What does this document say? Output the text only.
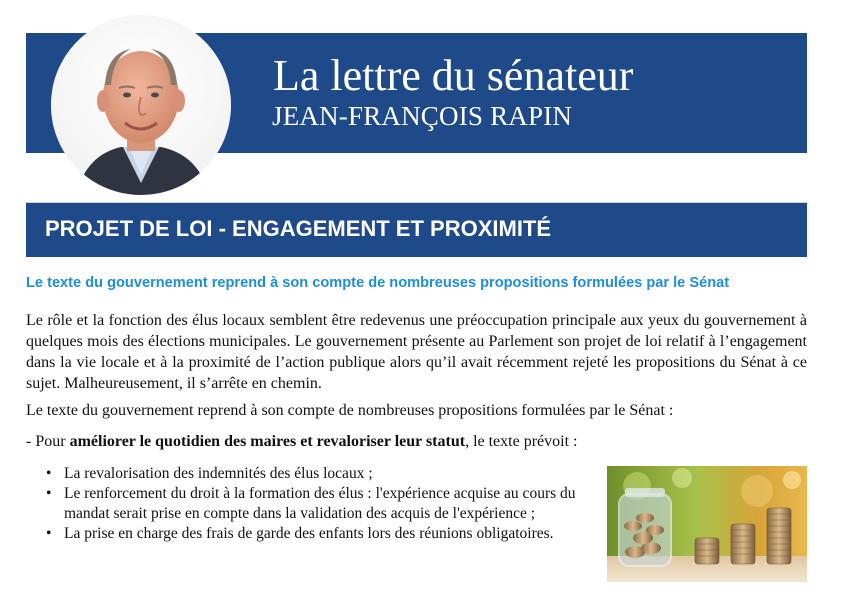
La lettre du sénateur
JEAN-FRANÇOIS RAPIN
PROJET DE LOI - ENGAGEMENT ET PROXIMITÉ
Le texte du gouvernement reprend à son compte de nombreuses propositions formulées par le Sénat

Le rôle et la fonction des élus locaux semblent être redevenus une préoccupation principale aux yeux du gouvernement à quelques mois des élections municipales. Le gouvernement présente au Parlement son projet de loi relatif à l’engagement dans la vie locale et à la proximité de l’action publique alors qu’il avait récemment rejeté les propositions du Sénat à ce sujet. Malheureusement, il s’arrête en chemin.

Le texte du gouvernement reprend à son compte de nombreuses propositions formulées par le Sénat :

- Pour améliorer le quotidien des maires et revaloriser leur statut, le texte prévoit :

• La revalorisation des indemnités des élus locaux ;
• Le renforcement du droit à la formation des élus : l'expérience acquise au cours du mandat serait prise en compte dans la validation des acquis de l'expérience ;
• La prise en charge des frais de garde des enfants lors des réunions obligatoires.
